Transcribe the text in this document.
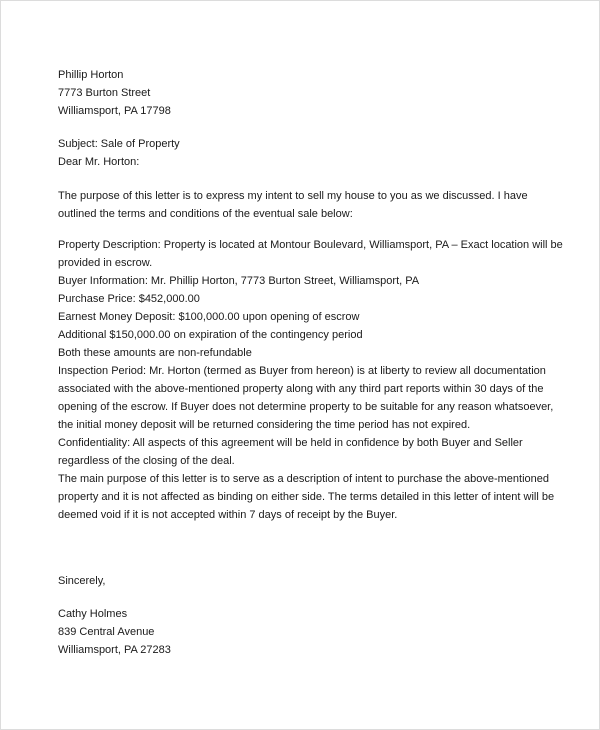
Phillip Horton
7773 Burton Street
Williamsport, PA 17798
Subject: Sale of Property
Dear Mr. Horton:
The purpose of this letter is to express my intent to sell my house to you as we discussed. I have
outlined the terms and conditions of the eventual sale below:
Property Description: Property is located at Montour Boulevard, Williamsport, PA – Exact location will be
provided in escrow.
Buyer Information: Mr. Phillip Horton, 7773 Burton Street, Williamsport, PA
Purchase Price: $452,000.00
Earnest Money Deposit: $100,000.00 upon opening of escrow
Additional $150,000.00 on expiration of the contingency period
Both these amounts are non-refundable
Inspection Period: Mr. Horton (termed as Buyer from hereon) is at liberty to review all documentation
associated with the above-mentioned property along with any third part reports within 30 days of the
opening of the escrow. If Buyer does not determine property to be suitable for any reason whatsoever,
the initial money deposit will be returned considering the time period has not expired.
Confidentiality: All aspects of this agreement will be held in confidence by both Buyer and Seller
regardless of the closing of the deal.
The main purpose of this letter is to serve as a description of intent to purchase the above-mentioned
property and it is not affected as binding on either side. The terms detailed in this letter of intent will be
deemed void if it is not accepted within 7 days of receipt by the Buyer.
Sincerely,
Cathy Holmes
839 Central Avenue
Williamsport, PA 27283
